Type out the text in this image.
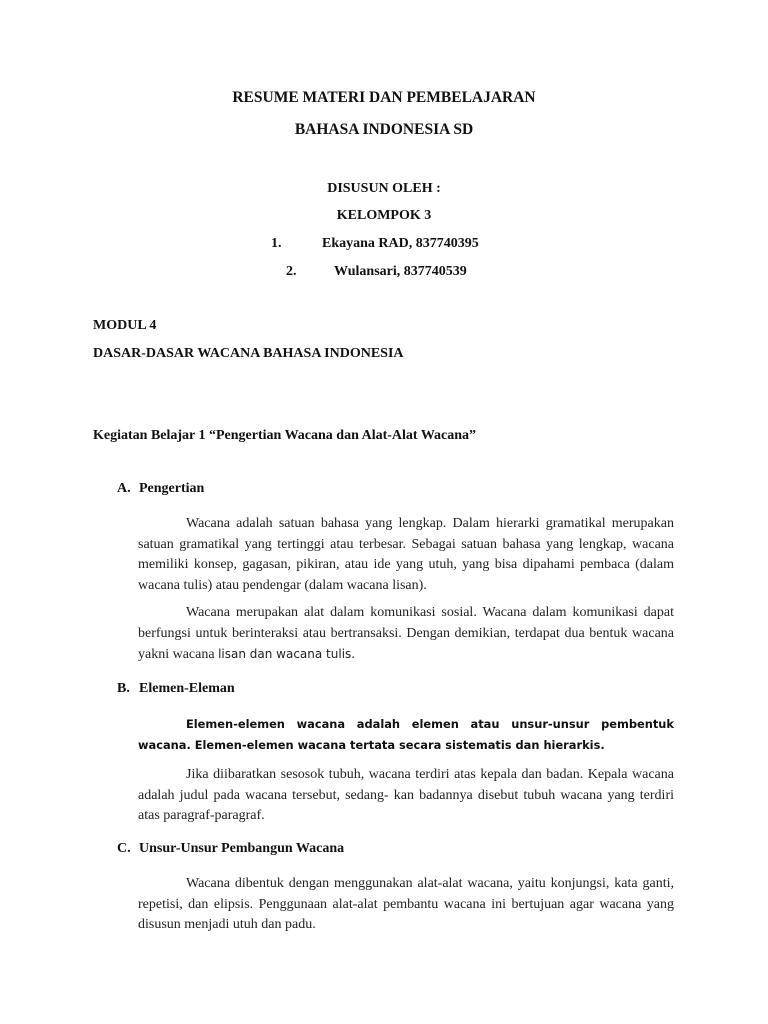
RESUME MATERI DAN PEMBELAJARAN

BAHASA INDONESIA SD

DISUSUN OLEH :

KELOMPOK 3

1.	Ekayana RAD, 837740395
2.	Wulansari, 837740539

MODUL 4

DASAR-DASAR WACANA BAHASA INDONESIA

Kegiatan Belajar 1 “Pengertian Wacana dan Alat-Alat Wacana”

A. Pengertian

Wacana adalah satuan bahasa yang lengkap. Dalam hierarki gramatikal merupakan satuan gramatikal yang tertinggi atau terbesar. Sebagai satuan bahasa yang lengkap, wacana memiliki konsep, gagasan, pikiran, atau ide yang utuh, yang bisa dipahami pembaca (dalam wacana tulis) atau pendengar (dalam wacana lisan).

Wacana merupakan alat dalam komunikasi sosial. Wacana dalam komunikasi dapat berfungsi untuk berinteraksi atau bertransaksi. Dengan demikian, terdapat dua bentuk wacana yakni wacana lisan dan wacana tulis.

B. Elemen-Eleman

Elemen-elemen wacana adalah elemen atau unsur-unsur pembentuk wacana. Elemen-elemen wacana tertata secara sistematis dan hierarkis.

Jika diibaratkan sesosok tubuh, wacana terdiri atas kepala dan badan. Kepala wacana adalah judul pada wacana tersebut, sedang- kan badannya disebut tubuh wacana yang terdiri atas paragraf-paragraf.

C. Unsur-Unsur Pembangun Wacana

Wacana dibentuk dengan menggunakan alat-alat wacana, yaitu konjungsi, kata ganti, repetisi, dan elipsis. Penggunaan alat-alat pembantu wacana ini bertujuan agar wacana yang disusun menjadi utuh dan padu.
